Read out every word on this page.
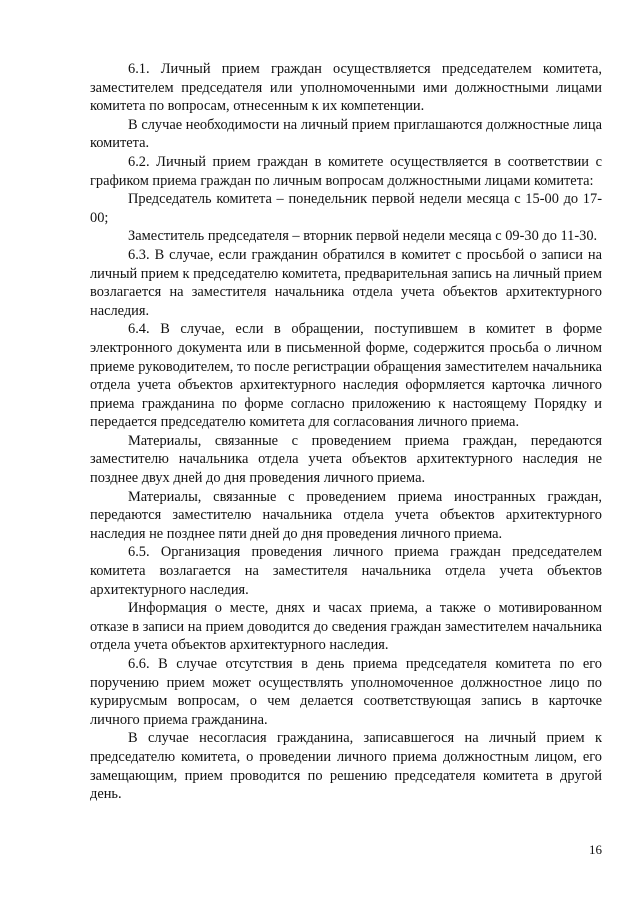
6.1. Личный прием граждан осуществляется председателем комитета, заместителем председателя или уполномоченными ими должностными лицами комитета по вопросам, отнесенным к их компетенции.

В случае необходимости на личный прием приглашаются должностные лица комитета.

6.2. Личный прием граждан в комитете осуществляется в соответствии с графиком приема граждан по личным вопросам должностными лицами комитета:

Председатель комитета – понедельник первой недели месяца с 15-00 до 17-00;

Заместитель председателя – вторник первой недели месяца с 09-30 до 11-30.

6.3. В случае, если гражданин обратился в комитет с просьбой о записи на личный прием к председателю комитета, предварительная запись на личный прием возлагается на заместителя начальника отдела учета объектов архитектурного наследия.

6.4. В случае, если в обращении, поступившем в комитет в форме электронного документа или в письменной форме, содержится просьба о личном приеме руководителем, то после регистрации обращения заместителем начальника отдела учета объектов архитектурного наследия оформляется карточка личного приема гражданина по форме согласно приложению к настоящему Порядку и передается председателю комитета для согласования личного приема.

Материалы, связанные с проведением приема граждан, передаются заместителю начальника отдела учета объектов архитектурного наследия не позднее двух дней до дня проведения личного приема.

Материалы, связанные с проведением приема иностранных граждан, передаются заместителю начальника отдела учета объектов архитектурного наследия не позднее пяти дней до дня проведения личного приема.

6.5. Организация проведения личного приема граждан председателем комитета возлагается на заместителя начальника отдела учета объектов архитектурного наследия.

Информация о месте, днях и часах приема, а также о мотивированном отказе в записи на прием доводится до сведения граждан заместителем начальника отдела учета объектов архитектурного наследия.

6.6. В случае отсутствия в день приема председателя комитета по его поручению прием может осуществлять уполномоченное должностное лицо по курирусмым вопросам, о чем делается соответствующая запись в карточке личного приема гражданина.

В случае несогласия гражданина, записавшегося на личный прием к председателю комитета, о проведении личного приема должностным лицом, его замещающим, прием проводится по решению председателя комитета в другой день.

16
